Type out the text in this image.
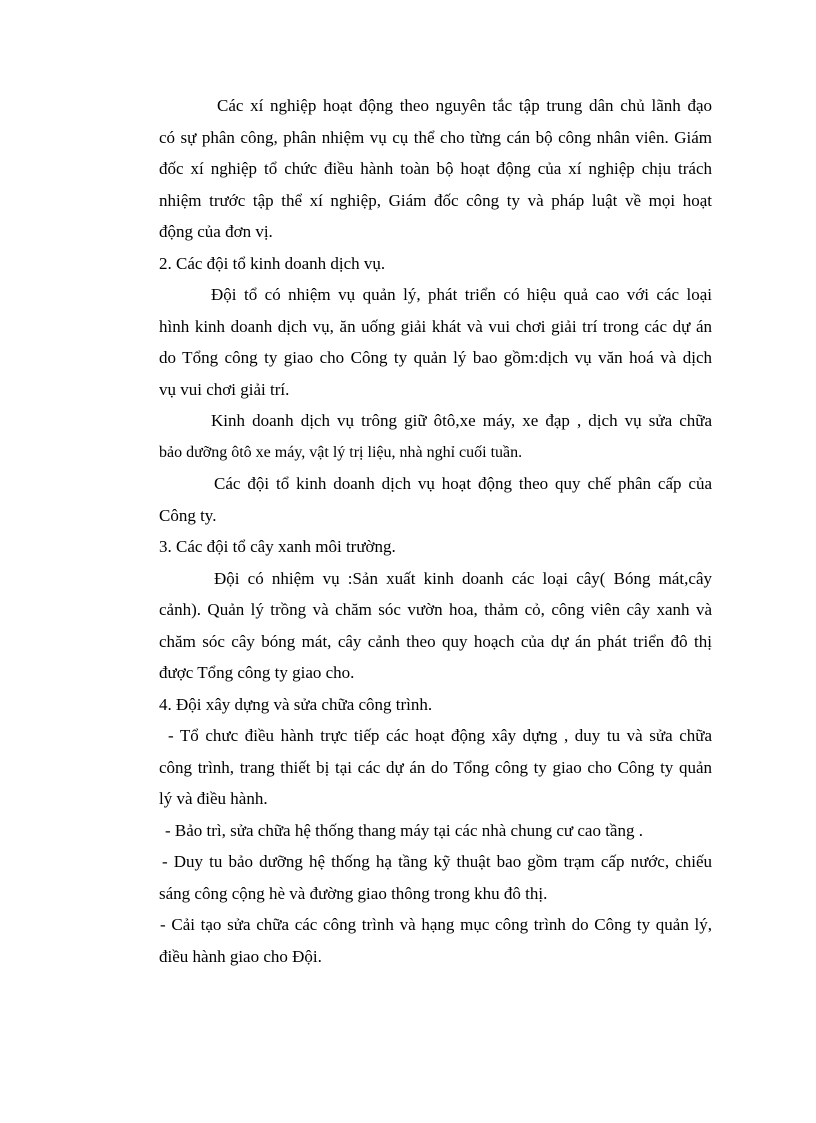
Các xí nghiệp hoạt động theo nguyên tắc tập trung dân chủ lãnh đạo
có sự phân công, phân nhiệm vụ cụ thể cho từng cán bộ công nhân viên. Giám
đốc xí nghiệp tổ chức điều hành toàn bộ hoạt động của xí nghiệp chịu trách
nhiệm trước tập thể xí nghiệp, Giám đốc công ty và pháp luật về mọi hoạt
động của đơn vị.
2. Các đội tổ kinh doanh dịch vụ.
Đội tổ có nhiệm vụ quản lý, phát triển có hiệu quả cao với các loại
hình kinh doanh dịch vụ, ăn uống giải khát và vui chơi giải trí trong các dự án
do Tổng công ty giao cho Công ty quản lý bao gồm:dịch vụ văn hoá và dịch
vụ vui chơi giải trí.
Kinh doanh dịch vụ trông giữ ôtô,xe máy, xe đạp , dịch vụ sửa chữa
bảo dưỡng ôtô xe máy, vật lý trị liệu, nhà nghỉ cuối tuần.
Các đội tổ kinh doanh dịch vụ hoạt động theo quy chế phân cấp của
Công ty.
3. Các đội tổ cây xanh môi trường.
Đội có nhiệm vụ :Sản xuất kinh doanh các loại cây( Bóng mát,cây
cảnh). Quản lý trồng và chăm sóc vườn hoa, thảm cỏ, công viên cây xanh và
chăm sóc cây bóng mát, cây cảnh theo quy hoạch của dự án phát triển đô thị
được Tổng công ty giao cho.
4. Đội xây dựng và sửa chữa công trình.
- Tổ chưc điều hành trực tiếp các hoạt động xây dựng , duy tu và sửa chữa
công trình, trang thiết bị tại các dự án do Tổng công ty giao cho Công ty quản
lý và điều hành.
- Bảo trì, sửa chữa hệ thống thang máy tại các nhà chung cư cao tầng .
- Duy tu bảo dưỡng hệ thống hạ tầng kỹ thuật bao gồm trạm cấp nước, chiếu
sáng công cộng hè và đường giao thông trong khu đô thị.
- Cải tạo sửa chữa các công trình và hạng mục công trình do Công ty quản lý,
điều hành giao cho Đội.
